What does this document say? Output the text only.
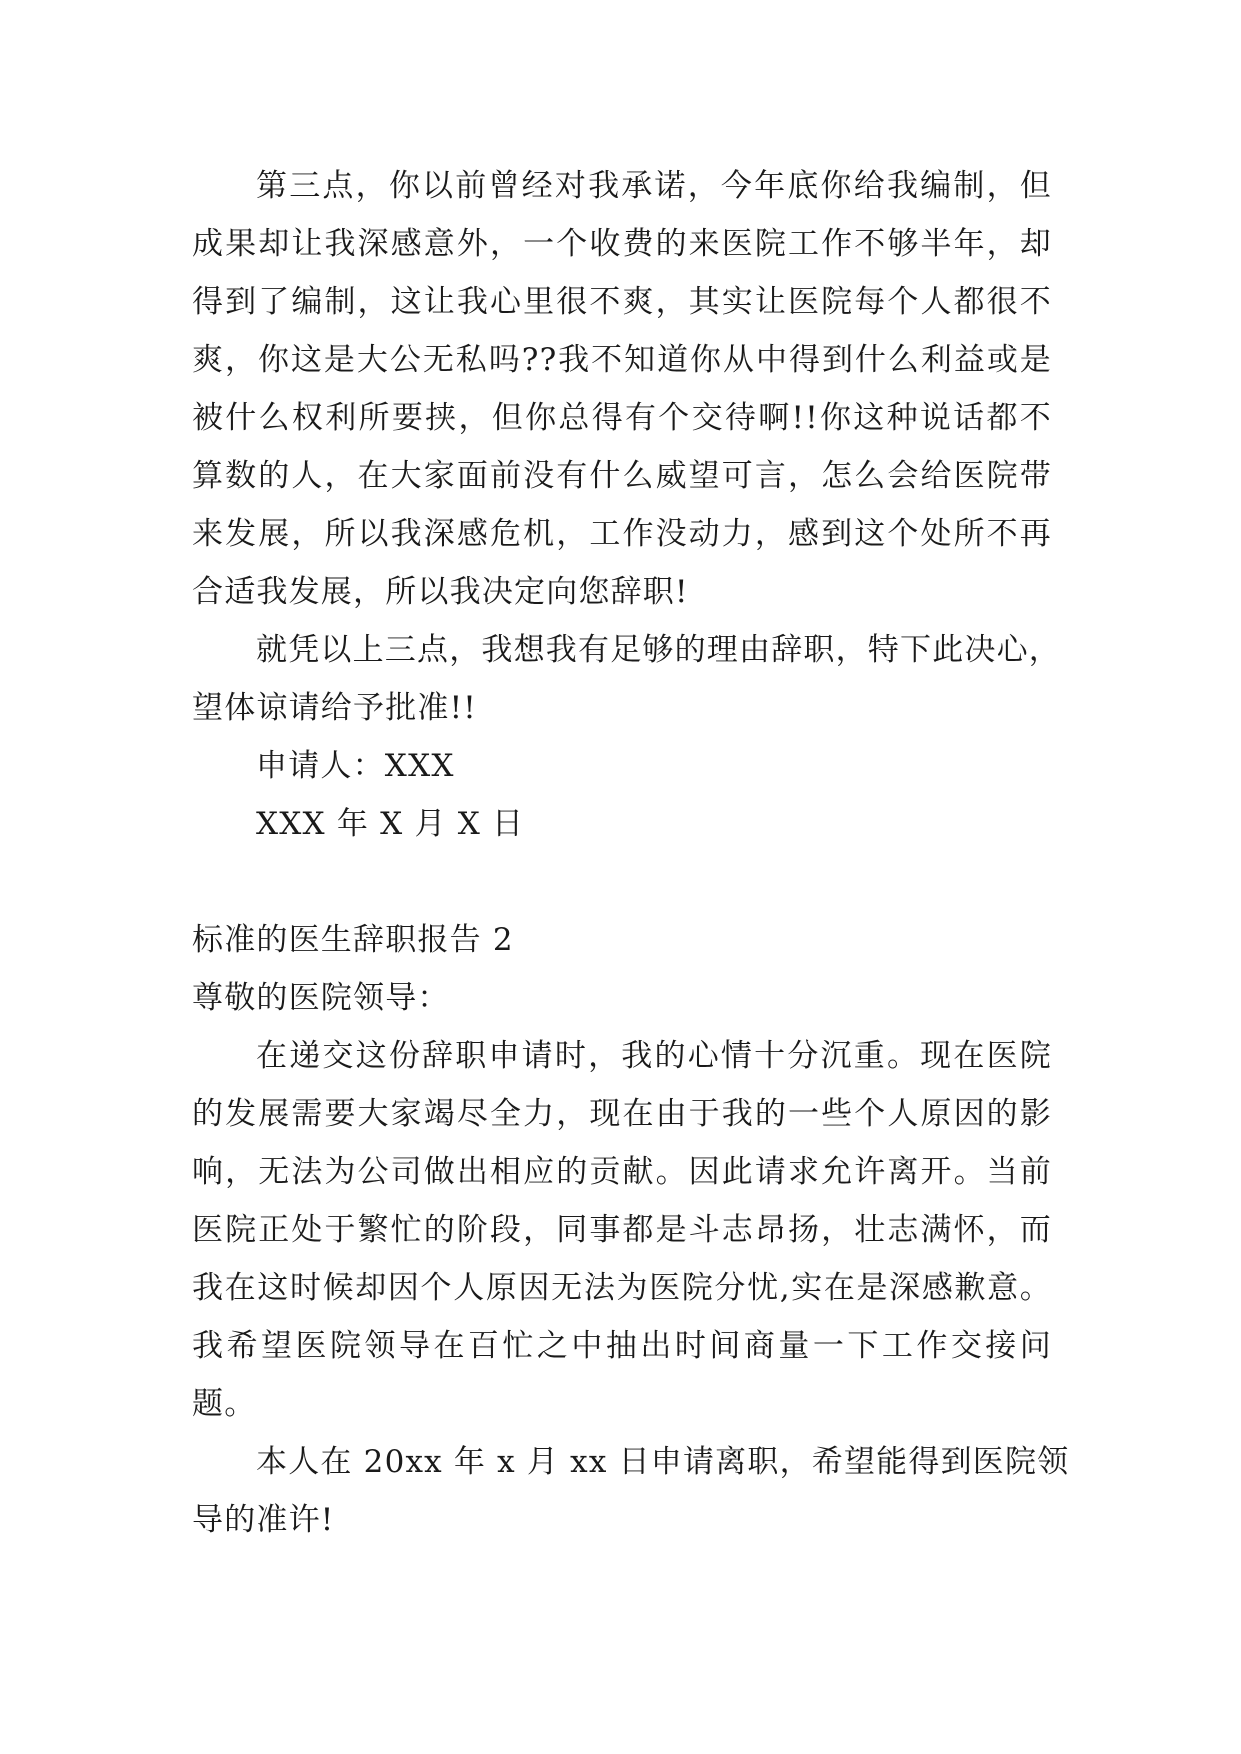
第三点，你以前曾经对我承诺，今年底你给我编制，但
成果却让我深感意外，一个收费的来医院工作不够半年，却
得到了编制，这让我心里很不爽，其实让医院每个人都很不
爽，你这是大公无私吗??我不知道你从中得到什么利益或是
被什么权利所要挟，但你总得有个交待啊!!你这种说话都不
算数的人，在大家面前没有什么威望可言，怎么会给医院带
来发展，所以我深感危机，工作没动力，感到这个处所不再
合适我发展，所以我决定向您辞职!
就凭以上三点，我想我有足够的理由辞职，特下此决心，
望体谅请给予批准!!
申请人：XXX
XXX 年 X 月 X 日
标准的医生辞职报告 2
尊敬的医院领导：
在递交这份辞职申请时，我的心情十分沉重。现在医院
的发展需要大家竭尽全力，现在由于我的一些个人原因的影
响，无法为公司做出相应的贡献。因此请求允许离开。当前
医院正处于繁忙的阶段，同事都是斗志昂扬，壮志满怀，而
我在这时候却因个人原因无法为医院分忧,实在是深感歉意。
我希望医院领导在百忙之中抽出时间商量一下工作交接问
题。
本人在 20xx 年 x 月 xx 日申请离职，希望能得到医院领
导的准许!
